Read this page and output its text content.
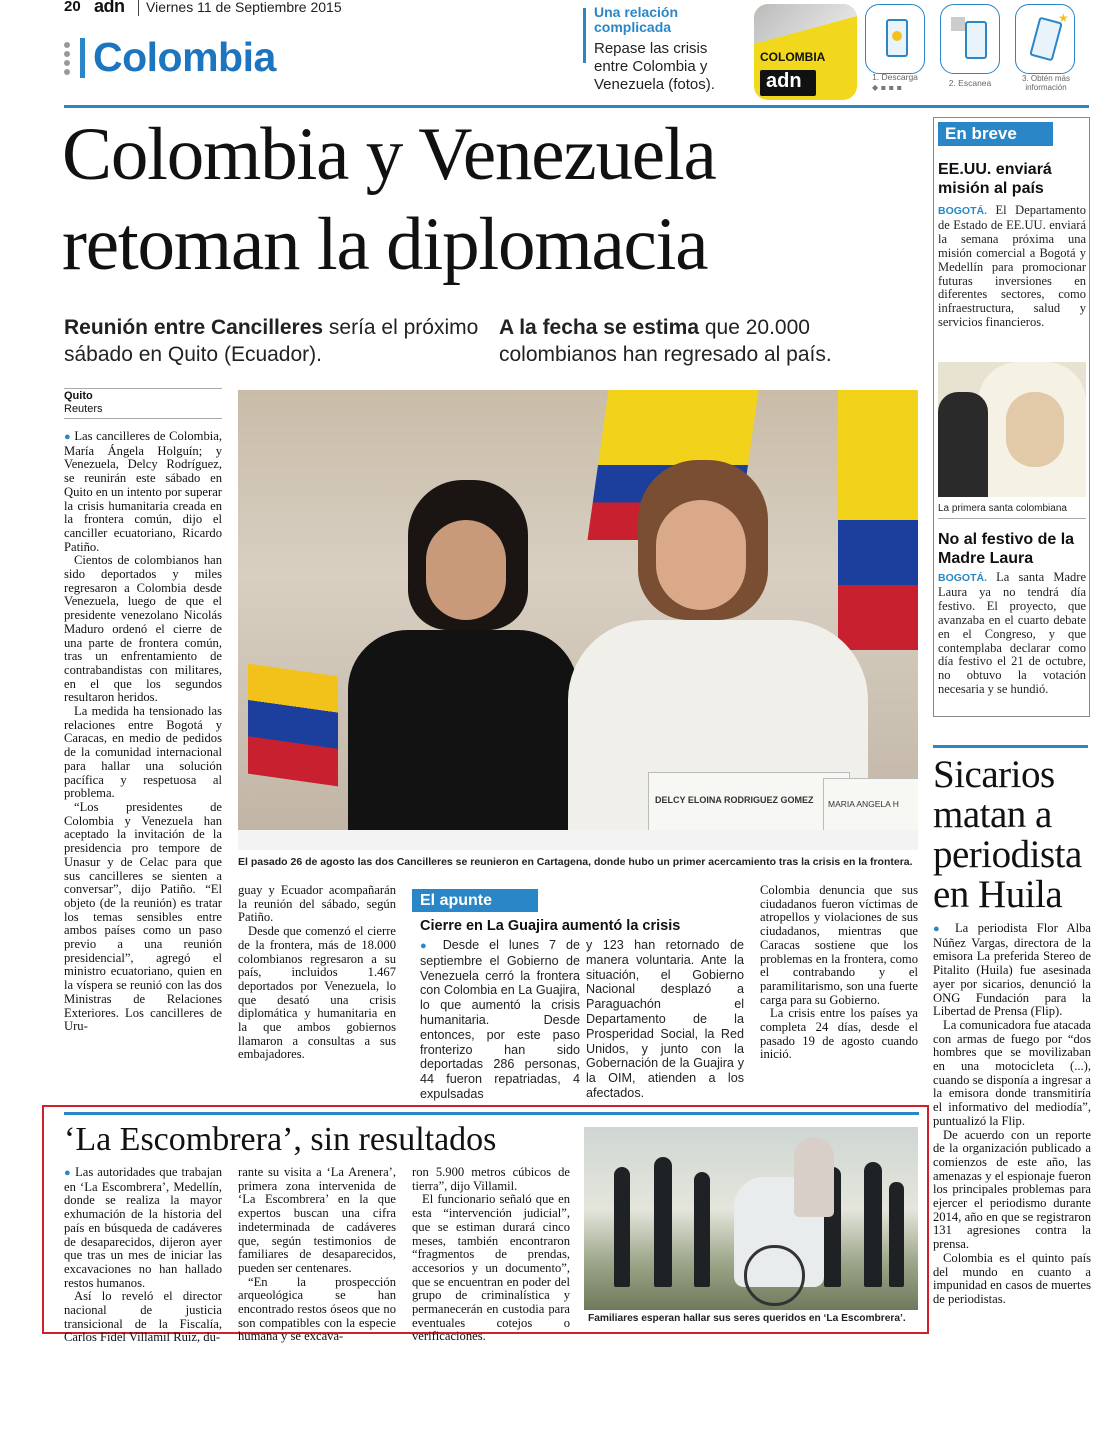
20 adn Viernes 11 de Septiembre 2015
Colombia
Una relación complicada
Repase las crisis entre Colombia y Venezuela (fotos).
COLOMBIA
adn
★
1. Descarga
◆ ▪ ▪ ▪	2. Escanea	3. Obtén más información
Colombia y Venezuela
retoman la diplomacia
Reunión entre Cancilleres sería el próximo sábado en Quito (Ecuador).
A la fecha se estima que 20.000 colombianos han regresado al país.
Quito
Reuters

● Las cancilleres de Colombia, María Ángela Holguín; y Venezuela, Delcy Rodríguez, se reunirán este sábado en Quito en un intento por superar la crisis humanitaria creada en la frontera común, dijo el canciller ecuatoriano, Ricardo Patiño.

Cientos de colombianos han sido deportados y miles regresaron a Colombia desde Venezuela, luego de que el presidente venezolano Nicolás Maduro ordenó el cierre de una parte de frontera común, tras un enfrentamiento de contrabandistas con militares, en el que los segundos resultaron heridos.

La medida ha tensionado las relaciones entre Bogotá y Caracas, en medio de pedidos de la comunidad internacional para hallar una solución pacífica y respetuosa al problema.

“Los presidentes de Colombia y Venezuela han aceptado la invitación de la presidencia pro tempore de Unasur y de Celac para que sus cancilleres se sienten a conversar”, dijo Patiño. “El objeto (de la reunión) es tratar los temas sensibles entre ambos países como un paso previo a una reunión presidencial”, agregó el ministro ecuatoriano, quien en la víspera se reunió con las dos Ministras de Relaciones Exteriores. Los cancilleres de Uru-

DELCY ELOINA RODRIGUEZ GOMEZ MARIA ANGELA H
El pasado 26 de agosto las dos Cancilleres se reunieron en Cartagena, donde hubo un primer acercamiento tras la crisis en la frontera.

guay y Ecuador acompañarán la reunión del sábado, según Patiño.

Desde que comenzó el cierre de la frontera, más de 18.000 colombianos regresaron a su país, incluidos 1.467 deportados por Venezuela, lo que desató una crisis diplomática y humanitaria en la que ambos gobiernos llamaron a consultas a sus embajadores.

El apunte
Cierre en La Guajira aumentó la crisis
● Desde el lunes 7 de septiembre el Gobierno de Venezuela cerró la frontera con Colombia en La Guajira, lo que aumentó la crisis humanitaria. Desde entonces, por este paso fronterizo han sido deportadas 286 personas, 44 fueron repatriadas, 4 expulsadas
y 123 han retornado de manera voluntaria. Ante la situación, el Gobierno Nacional desplazó a Paraguachón el Departamento de la Prosperidad Social, la Red Unidos, y junto con la Gobernación de la Guajira y la OIM, atienden a los afectados.

Colombia denuncia que sus ciudadanos fueron víctimas de atropellos y violaciones de sus ciudadanos, mientras que Caracas sostiene que los problemas en la frontera, como el contrabando y el paramilitarismo, son una fuerte carga para su Gobierno.

La crisis entre los países ya completa 24 días, desde el pasado 19 de agosto cuando inició.

En breve
EE.UU. enviará misión al país
BOGOTÁ. El Departamento de Estado de EE.UU. enviará la semana próxima una misión comercial a Bogotá y Medellín para promocionar futuras inversiones en diferentes sectores, como infraestructura, salud y servicios financieros.
La primera santa colombiana
No al festivo de la Madre Laura
BOGOTÁ. La santa Madre Laura ya no tendrá día festivo. El proyecto, que avanzaba en el cuarto debate en el Congreso, y que contemplaba declarar como día festivo el 21 de octubre, no obtuvo la votación necesaria y se hundió.
Sicarios matan a periodista en Huila

● La periodista Flor Alba Núñez Vargas, directora de la emisora La preferida Stereo de Pitalito (Huila) fue asesinada ayer por sicarios, denunció la ONG Fundación para la Libertad de Prensa (Flip).

La comunicadora fue atacada con armas de fuego por “dos hombres que se movilizaban en una motocicleta (...), cuando se disponía a ingresar a la emisora donde transmitiría el informativo del mediodía”, puntualizó la Flip.

De acuerdo con un reporte de la organización publicado a comienzos de este año, las amenazas y el espionaje fueron los principales problemas para ejercer el periodismo durante 2014, año en que se registraron 131 agresiones contra la prensa.

Colombia es el quinto país del mundo en cuanto a impunidad en casos de muertes de periodistas.

‘La Escombrera’, sin resultados

● Las autoridades que trabajan en ‘La Escombrera’, Medellín, donde se realiza la mayor exhumación de la historia del país en búsqueda de cadáveres de desaparecidos, dijeron ayer que tras un mes de iniciar las excavaciones no han hallado restos humanos.

Así lo reveló el director nacional de justicia transicional de la Fiscalía, Carlos Fidel Villamil Ruiz, du-

rante su visita a ‘La Arenera’, primera zona intervenida de ‘La Escombrera’ en la que expertos buscan una cifra indeterminada de cadáveres que, según testimonios de familiares de desaparecidos, pueden ser centenares.

“En la prospección arqueológica se han encontrado restos óseos que no son compatibles con la especie humana y se excava-

ron 5.900 metros cúbicos de tierra”, dijo Villamil.

El funcionario señaló que en esta “intervención judicial”, que se estiman durará cinco meses, también encontraron “fragmentos de prendas, accesorios y un documento”, que se encuentran en poder del grupo de criminalística y permanecerán en custodia para eventuales cotejos o verificaciones.

Familiares esperan hallar sus seres queridos en ‘La Escombrera’.
